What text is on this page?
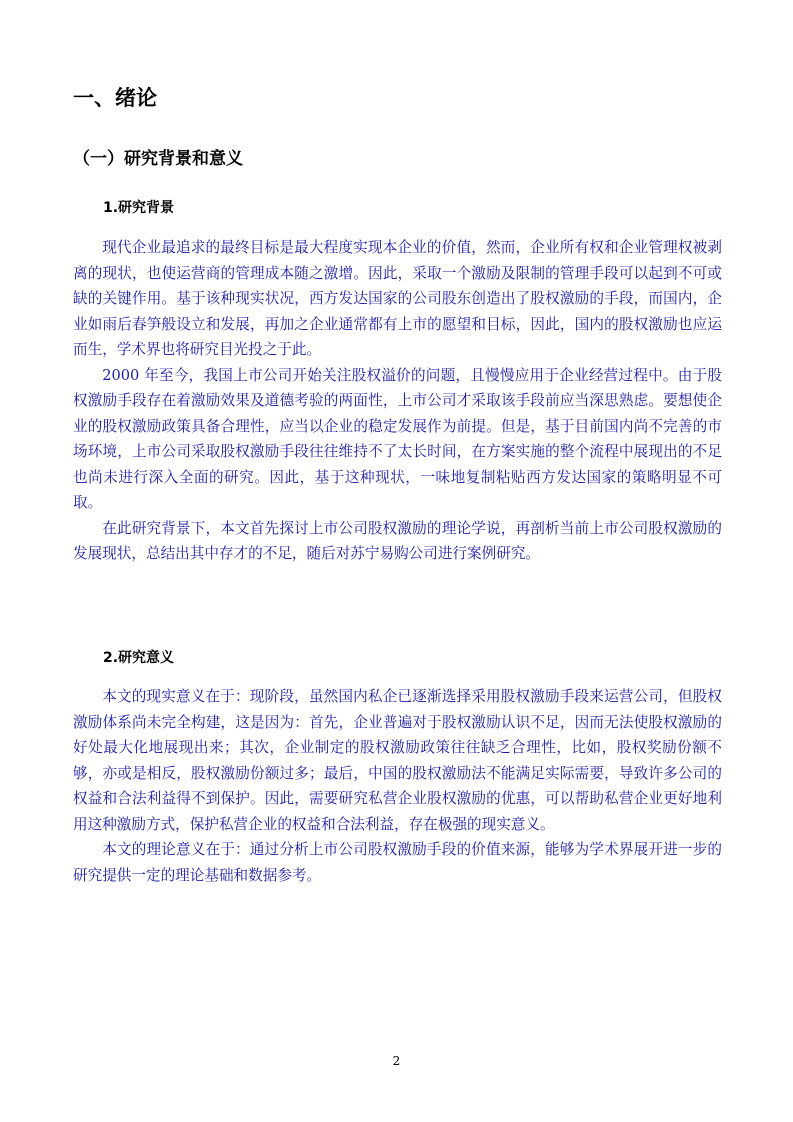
一、绪论
（一）研究背景和意义
1.研究背景

现代企业最追求的最终目标是最大程度实现本企业的价值，然而，企业所有权和企业管理权被剥离的现状，也使运营商的管理成本随之激增。因此，采取一个激励及限制的管理手段可以起到不可或缺的关键作用。基于该种现实状况，西方发达国家的公司股东创造出了股权激励的手段，而国内，企业如雨后春笋般设立和发展，再加之企业通常都有上市的愿望和目标，因此，国内的股权激励也应运而生，学术界也将研究目光投之于此。

2000 年至今，我国上市公司开始关注股权溢价的问题，且慢慢应用于企业经营过程中。由于股权激励手段存在着激励效果及道德考验的两面性，上市公司才采取该手段前应当深思熟虑。要想使企业的股权激励政策具备合理性，应当以企业的稳定发展作为前提。但是，基于目前国内尚不完善的市场环境，上市公司采取股权激励手段往往维持不了太长时间，在方案实施的整个流程中展现出的不足也尚未进行深入全面的研究。因此，基于这种现状，一味地复制粘贴西方发达国家的策略明显不可取。

在此研究背景下，本文首先探讨上市公司股权激励的理论学说，再剖析当前上市公司股权激励的发展现状，总结出其中存才的不足，随后对苏宁易购公司进行案例研究。

2.研究意义

本文的现实意义在于：现阶段，虽然国内私企已逐渐选择采用股权激励手段来运营公司，但股权激励体系尚未完全构建，这是因为：首先，企业普遍对于股权激励认识不足，因而无法使股权激励的好处最大化地展现出来；其次，企业制定的股权激励政策往往缺乏合理性，比如，股权奖励份额不够，亦或是相反，股权激励份额过多；最后，中国的股权激励法不能满足实际需要，导致许多公司的权益和合法利益得不到保护。因此，需要研究私营企业股权激励的优惠，可以帮助私营企业更好地利用这种激励方式，保护私营企业的权益和合法利益，存在极强的现实意义。

本文的理论意义在于：通过分析上市公司股权激励手段的价值来源，能够为学术界展开进一步的研究提供一定的理论基础和数据参考。

2
